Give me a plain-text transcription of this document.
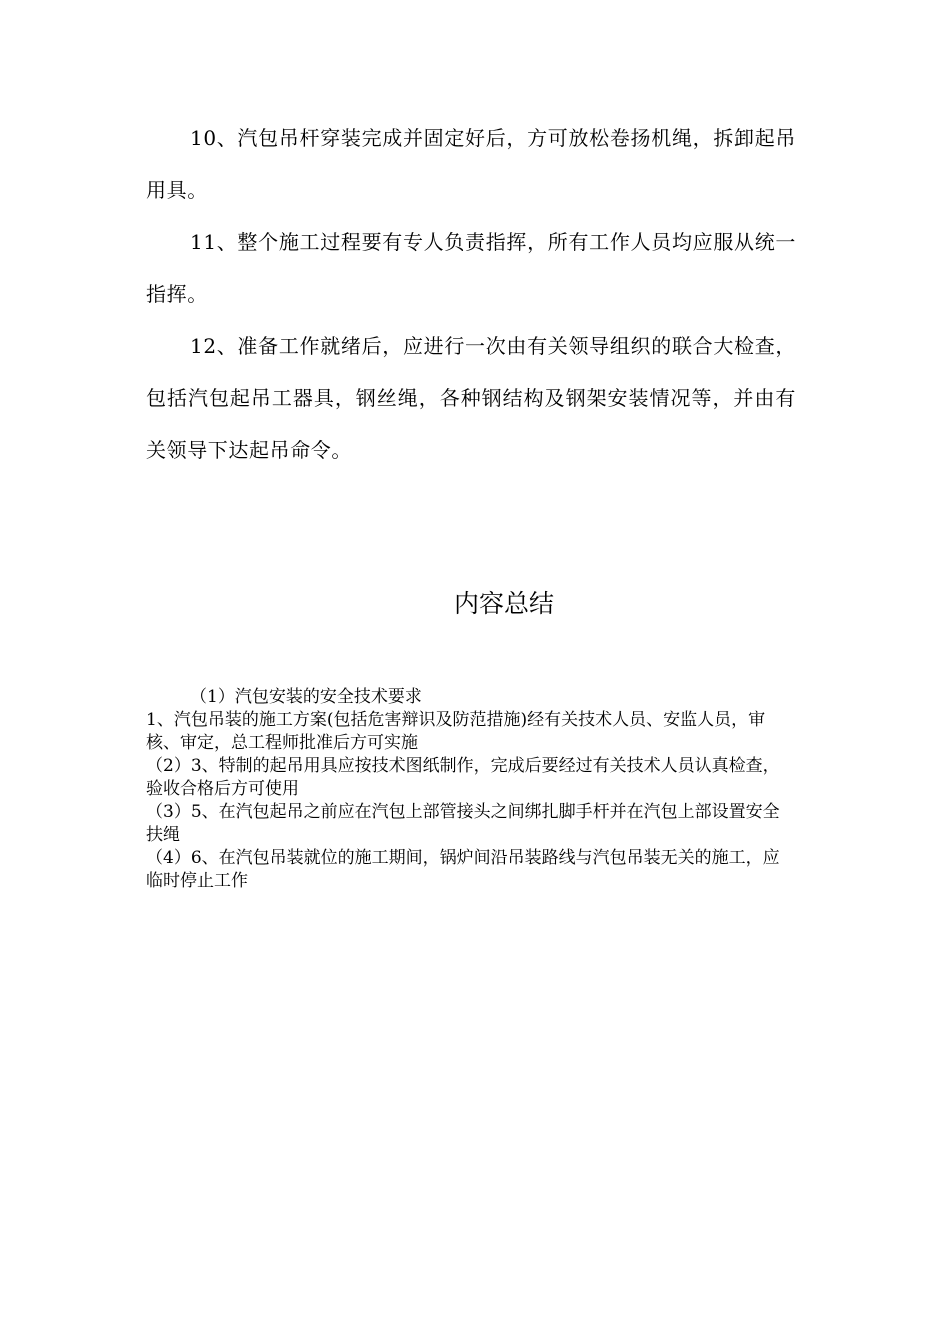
10、汽包吊杆穿装完成并固定好后，方可放松卷扬机绳，拆卸起吊用具。

11、整个施工过程要有专人负责指挥，所有工作人员均应服从统一指挥。

12、准备工作就绪后，应进行一次由有关领导组织的联合大检查，包括汽包起吊工器具，钢丝绳，各种钢结构及钢架安装情况等，并由有关领导下达起吊命令。

内容总结

（1）汽包安装的安全技术要求

1、汽包吊装的施工方案(包括危害辩识及防范措施)经有关技术人员、安监人员，审核、审定，总工程师批准后方可实施

（2）3、特制的起吊用具应按技术图纸制作，完成后要经过有关技术人员认真检查，验收合格后方可使用

（3）5、在汽包起吊之前应在汽包上部管接头之间绑扎脚手杆并在汽包上部设置安全扶绳

（4）6、在汽包吊装就位的施工期间，锅炉间沿吊装路线与汽包吊装无关的施工，应临时停止工作
